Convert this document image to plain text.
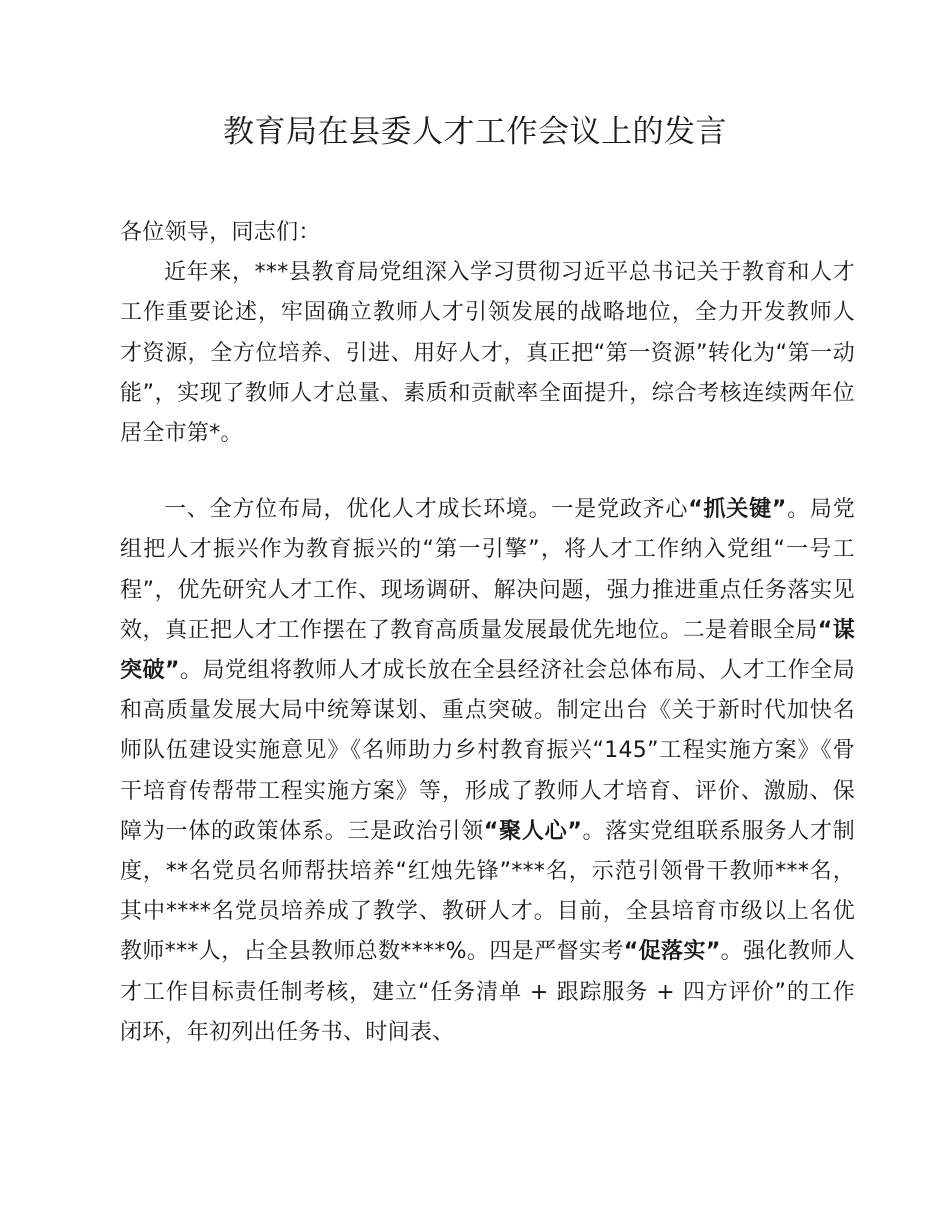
教育局在县委人才工作会议上的发言

各位领导，同志们：

近年来，***县教育局党组深入学习贯彻习近平总书记关于教育和人才工作重要论述，牢固确立教师人才引领发展的战略地位，全力开发教师人才资源，全方位培养、引进、用好人才，真正把“第一资源”转化为“第一动能”，实现了教师人才总量、素质和贡献率全面提升，综合考核连续两年位居全市第*。

一、全方位布局，优化人才成长环境。一是党政齐心“抓关键”。局党组把人才振兴作为教育振兴的“第一引擎”，将人才工作纳入党组“一号工程”，优先研究人才工作、现场调研、解决问题，强力推进重点任务落实见效，真正把人才工作摆在了教育高质量发展最优先地位。二是着眼全局“谋突破”。局党组将教师人才成长放在全县经济社会总体布局、人才工作全局和高质量发展大局中统筹谋划、重点突破。制定出台《关于新时代加快名师队伍建设实施意见》《名师助力乡村教育振兴“145”工程实施方案》《骨干培育传帮带工程实施方案》等，形成了教师人才培育、评价、激励、保障为一体的政策体系。三是政治引领“聚人心”。落实党组联系服务人才制度，**名党员名师帮扶培养“红烛先锋”***名，示范引领骨干教师***名，其中****名党员培养成了教学、教研人才。目前，全县培育市级以上名优教师***人，占全县教师总数****%。四是严督实考“促落实”。强化教师人才工作目标责任制考核，建立“任务清单 + 跟踪服务 + 四方评价”的工作闭环，年初列出任务书、时间表、
